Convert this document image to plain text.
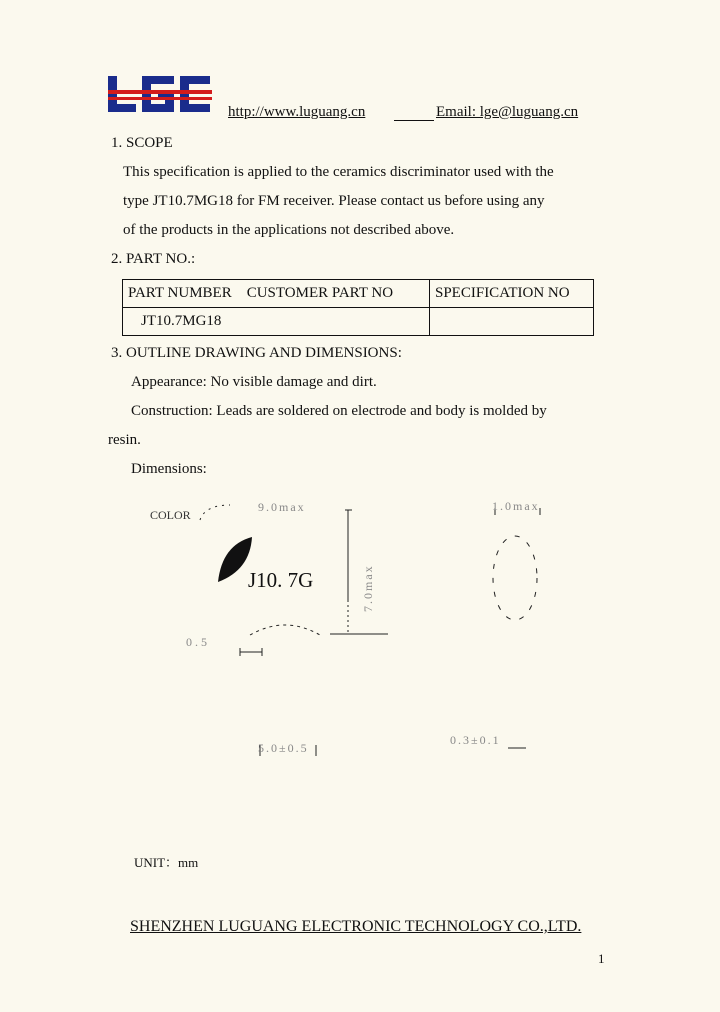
http://www.luguang.cn	Email: lge@luguang.cn
1. SCOPE
This specification is applied to the ceramics discriminator used with the
type JT10.7MG18 for FM receiver. Please contact us before using any
of the products in the applications not described above.
2. PART NO.:
PART NUMBER CUSTOMER PART NO	SPECIFICATION NO
JT10.7MG18	
3. OUTLINE DRAWING AND DIMENSIONS:
Appearance: No visible damage and dirt.
Construction: Leads are soldered on electrode and body is molded by
resin.
Dimensions:
COLOR
J10. 7G
9.0max
7.0max
1.0max
0.5
5.0±0.5
0.3±0.1
UNIT：mm
SHENZHEN LUGUANG ELECTRONIC TECHNOLOGY CO.,LTD.
1
